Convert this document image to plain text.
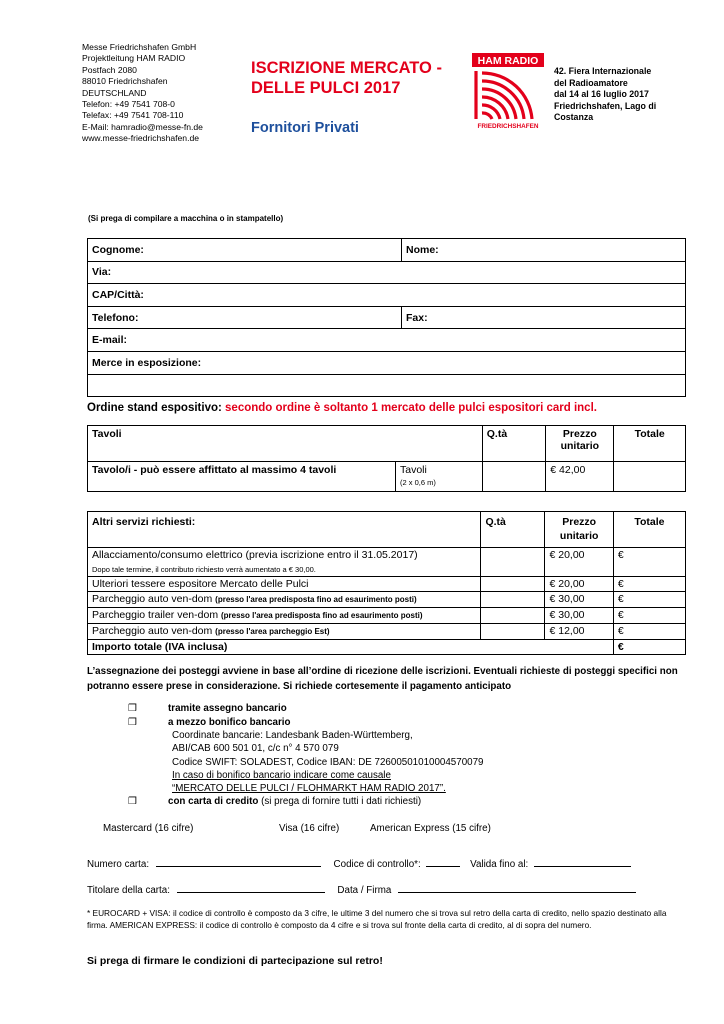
Messe Friedrichshafen GmbH
Projektleitung HAM RADIO
Postfach 2080
88010 Friedrichshafen
DEUTSCHLAND
Telefon: +49 7541 708-0
Telefax: +49 7541 708-110
E-Mail: hamradio@messe-fn.de
www.messe-friedrichshafen.de
ISCRIZIONE MERCATO -
DELLE PULCI 2017
Fornitori Privati
HAM RADIO
FRIEDRICHSHAFEN
42. Fiera Internazionale
del Radioamatore
dal 14 al 16 luglio 2017
Friedrichshafen, Lago di
Costanza
(Si prega di compilare a macchina o in stampatello)
Cognome:	Nome:
Via:	
CAP/Città:	
Telefono:	Fax:
E-mail:	
Merce in esposizione:	

Ordine stand espositivo: secondo ordine è soltanto 1 mercato delle pulci espositori card incl.
Tavoli		Q.tà	Prezzo
unitario	Totale
Tavolo/i - può essere affittato al massimo 4 tavoli	Tavoli
(2 x 0,6 m)		€ 42,00	
Altri servizi richiesti:	Q.tà	Prezzo
unitario	Totale
Allacciamento/consumo elettrico (previa iscrizione entro il 31.05.2017)
Dopo tale termine, il contributo richiesto verrà aumentato a € 30,00.		€ 20,00	€
Ulteriori tessere espositore Mercato delle Pulci		€ 20,00	€
Parcheggio auto ven-dom (presso l'area predisposta fino ad esaurimento posti)		€ 30,00	€
Parcheggio trailer ven-dom (presso l'area predisposta fino ad esaurimento posti)		€ 30,00	€
Parcheggio auto ven-dom (presso l'area parcheggio Est)		€ 12,00	€
Importo totale (IVA inclusa)			€
L’assegnazione dei posteggi avviene in base all’ordine di ricezione delle iscrizioni. Eventuali richieste di posteggi specifici non potranno essere prese in considerazione. Si richiede cortesemente il pagamento anticipato
❒	tramite assegno bancario
❒	a mezzo bonifico bancario
Coordinate bancarie: Landesbank Baden-Württemberg,
ABI/CAB 600 501 01, c/c n° 4 570 079
Codice SWIFT: SOLADEST, Codice IBAN: DE 72600501010004570079
In caso di bonifico bancario indicare come causale
“MERCATO DELLE PULCI / FLOHMARKT HAM RADIO 2017”.
❒	con carta di credito (si prega di fornire tutti i dati richiesti)
Mastercard (16 cifre)	Visa (16 cifre)	American Express (15 cifre)
Numero carta:	Codice di controllo*:	Valida fino al:
Titolare della carta:	Data / Firma
* EUROCARD + VISA: il codice di controllo è composto da 3 cifre, le ultime 3 del numero che si trova sul retro della carta di credito, nello spazio destinato alla firma. AMERICAN EXPRESS: il codice di controllo è composto da 4 cifre e si trova sul fronte della carta di credito, al di sopra del numero.
Si prega di firmare le condizioni di partecipazione sul retro!
